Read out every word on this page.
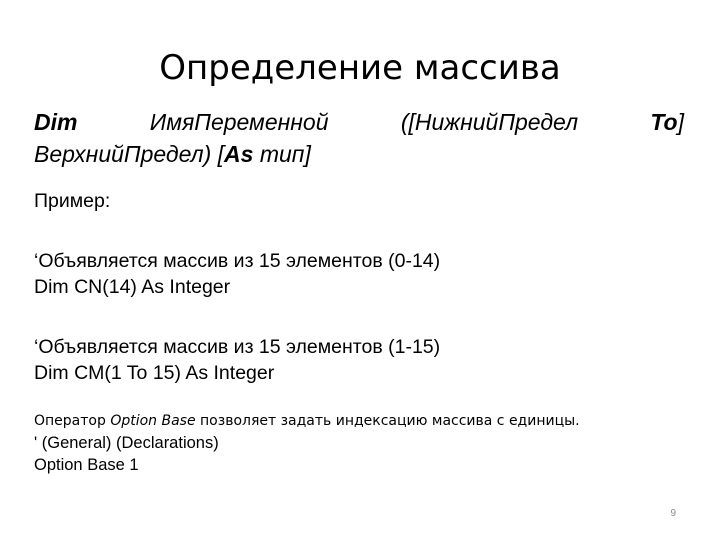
Определение массива
Dim	ИмяПеременной	([НижнийПредел	To]
ВерхнийПредел) [As тип]
Пример:
‘Объявляется массив из 15 элементов (0-14)
Dim CN(14) As Integer
‘Объявляется массив из 15 элементов (1-15)
Dim CM(1 To 15) As Integer
Оператор Option Base позволяет задать индексацию массива с единицы.
' (General) (Declarations)
Option Base 1
9
